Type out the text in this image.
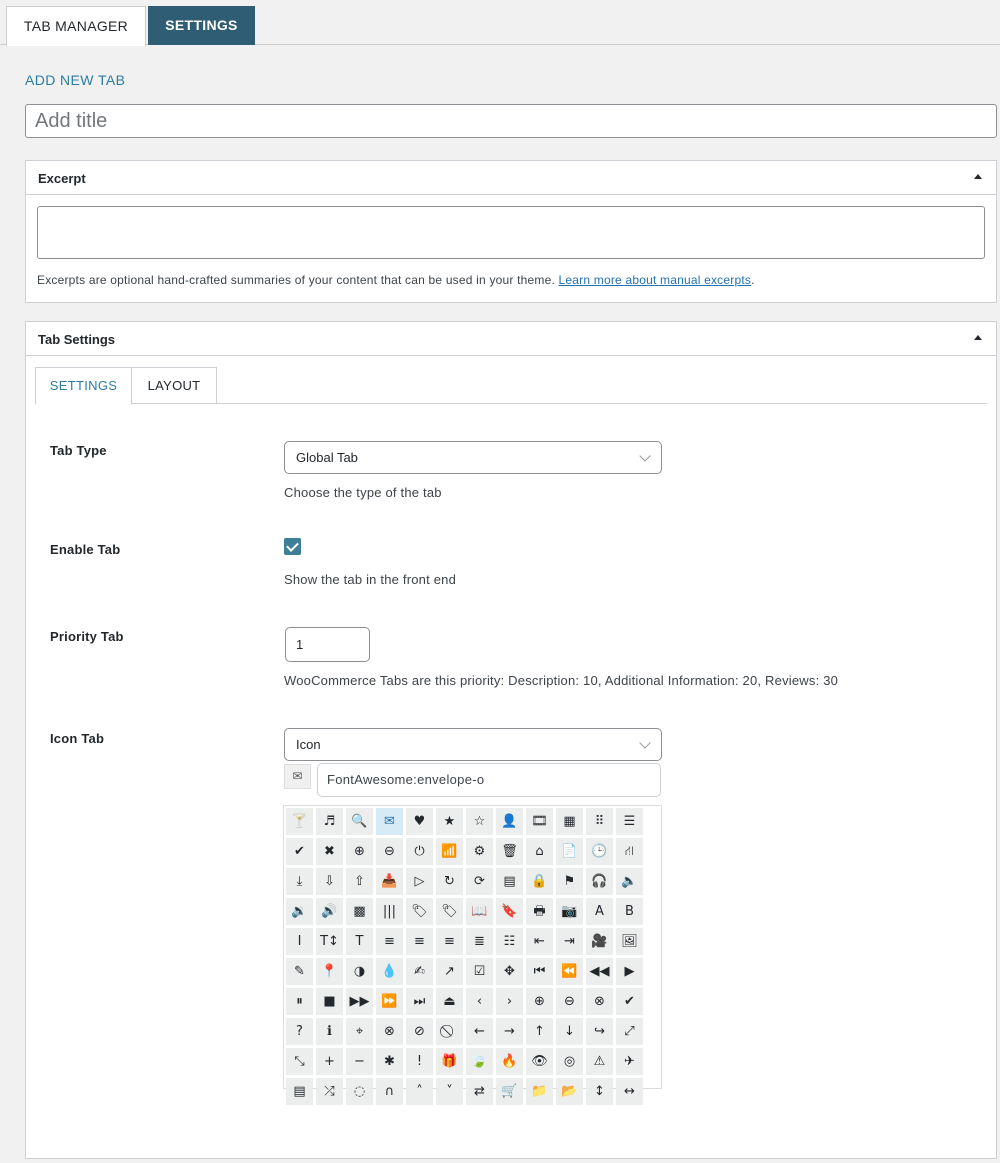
TAB MANAGER	SETTINGS
ADD NEW TAB
Add title
Excerpt
Excerpts are optional hand-crafted summaries of your content that can be used in your theme. Learn more about manual excerpts.
Tab Settings
SETTINGS	LAYOUT
Tab Type	Global Tab
Choose the type of the tab
Enable Tab
Show the tab in the front end
Priority Tab
1
WooCommerce Tabs are this priority: Description: 10, Additional Information: 20, Reviews: 30
Icon Tab	Icon
✉	FontAwesome:envelope-o
🍸	♬	🔍	✉	♥	★	☆	👤	🎞	▦	⠿	☰
✔	✖	⊕	⊖	⏻	📶	⚙	🗑	⌂	📄	🕒	⛙
⤓	⇩	⇧	📥	▷	↻	⟳	▤	🔒	⚑	🎧	🔈
🔉	🔊	▩	|||	🏷	🏷	📖	🔖	🖶	📷	A	B
I	T↕	T	≡	≡	≡	≣	☷	⇤	⇥	🎥	🖼
✎	📍	◑	💧	✍	↗	☑	✥	⏮	⏪ ◀◀	▶
⏸	■	▶▶ ⏩	⏭	⏏	‹	›	⊕	⊖	⊗	✔
?	ℹ	⌖	⊗	⊘	←	→	↑	↓	↪	⤢
⤡	+	−	✱	!	🎁	🍃	🔥	👁	◎	⚠	✈
▤	⤮	◌	∩	˄	˅	⇄	🛒	📁	📂	↕	↔
